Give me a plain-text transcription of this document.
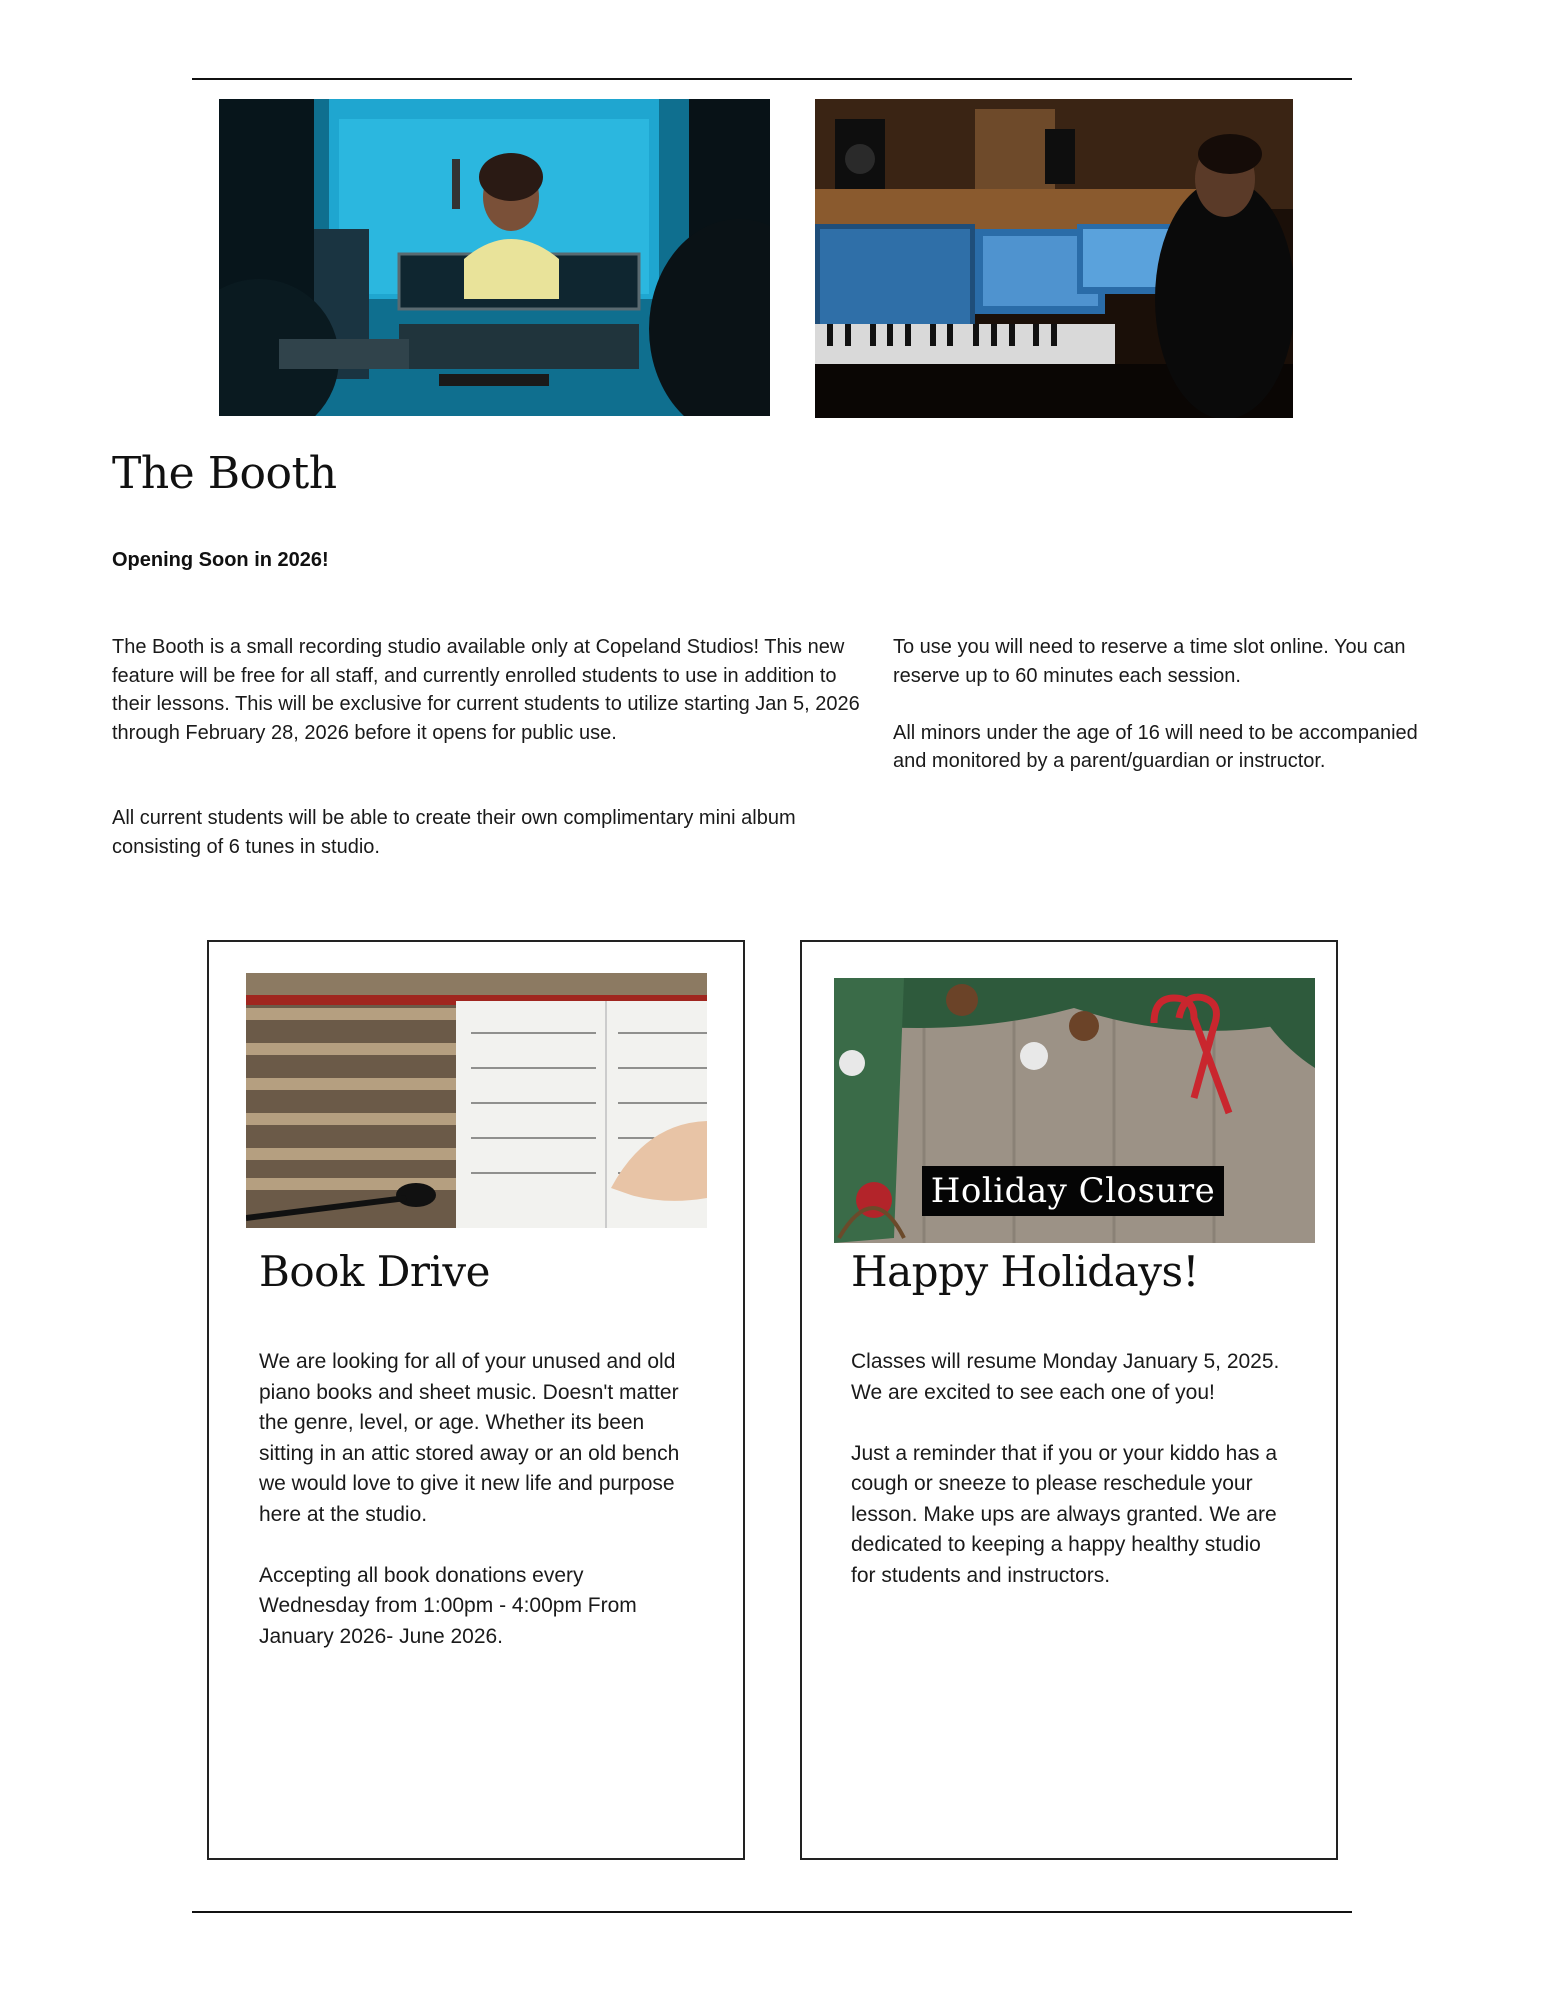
The Booth

Opening Soon in 2026!

The Booth is a small recording studio available only at Copeland Studios! This new feature will be free for all staff, and currently enrolled students to use in addition to their lessons. This will be exclusive for current students to utilize starting Jan 5, 2026 through February 28, 2026 before it opens for public use.

All current students will be able to create their own complimentary mini album consisting of 6 tunes in studio.

To use you will need to reserve a time slot online. You can reserve up to 60 minutes each session.

All minors under the age of 16 will need to be accompanied and monitored by a parent/guardian or instructor.

Book Drive

We are looking for all of your unused and old piano books and sheet music. Doesn't matter the genre, level, or age. Whether its been sitting in an attic stored away or an old bench we would love to give it new life and purpose here at the studio.

Accepting all book donations every Wednesday from 1:00pm - 4:00pm From January 2026- June 2026.

Holiday Closure
Happy Holidays!

Classes will resume Monday January 5, 2025.

We are excited to see each one of you!

Just a reminder that if you or your kiddo has a cough or sneeze to please reschedule your lesson. Make ups are always granted. We are dedicated to keeping a happy healthy studio for students and instructors.
